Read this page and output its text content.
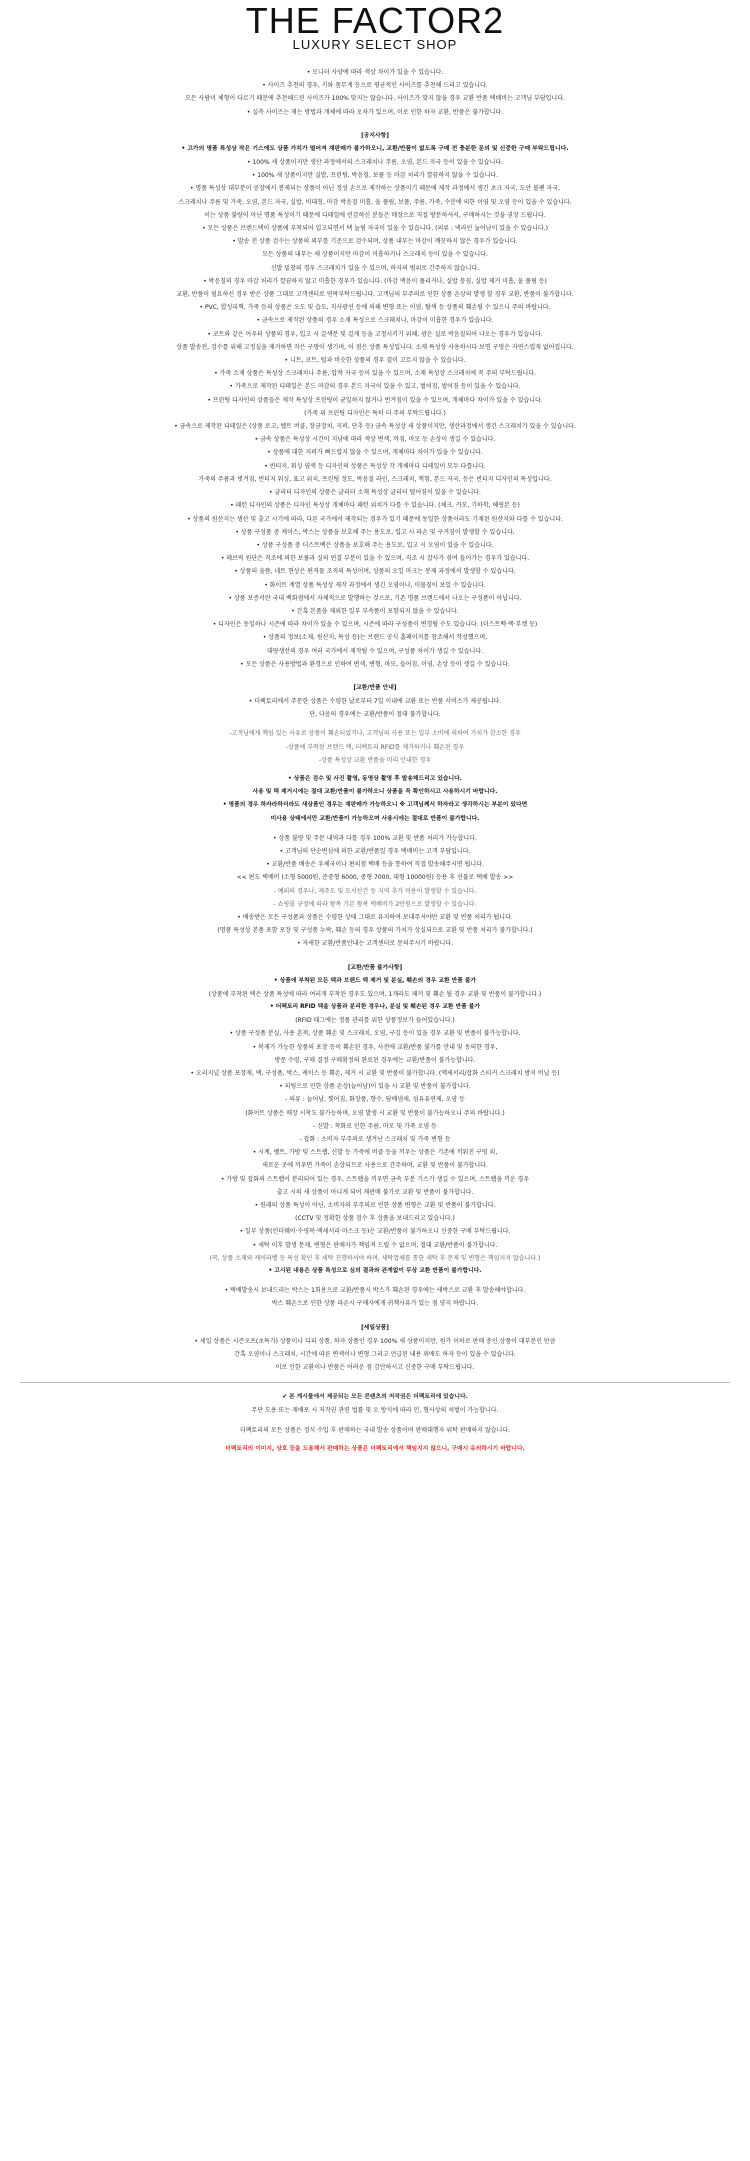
THE FACTOR2
LUXURY SELECT SHOP

• 모니터 사양에 따라 색상 차이가 있을 수 있습니다.

• 사이즈 추천의 경우, 키와 몸무게 등으로 평균적인 사이즈를 추천해 드리고 있습니다.

모든 사람이 체형이 다르기 때문에 추천해드린 사이즈가 100% 맞지는 않습니다. 사이즈가 맞지 않을 경우 교환 반품 택배비는 고객님 부담입니다.

• 실측 사이즈는 재는 방법과 개체에 따라 오차가 있으며, 이로 인한 하자 교환, 반품은 불가합니다.

[공지사항]

• 고가의 명품 특성상 작은 기스에도 상품 가치가 떨어져 재판매가 불가하오니, 교환/반품이 없도록 구매 전 충분한 문의 및 신중한 구매 부탁드립니다.

• 100% 새 상품이지만 생산 과정에서의 스크래치나 주름, 오염, 본드 자국 등이 있을 수 있습니다.

• 100% 새 상품이지만 실밥, 프린팅, 박음질, 보풀 등 마감 처리가 깔끔하지 않을 수 있습니다.

• 명품 특성상 대부분이 공장에서 봉제되는 상품이 아닌 정성 손으로 제작하는 상품이기 때문에 제작 과정에서 생긴 초크 자국, 도안 볼펜 자국,

스크래치나 주름 및 가죽, 오염, 본드 자국, 실밥, 비대칭, 마감 박음질 미흡, 올 풀림, 보풀, 주름, 가죽, 수분에 의한 이염 및 오염 등이 있을 수 있습니다.

이는 상품 불량이 아닌 명품 특성이기 때문에 디테일에 민감하신 분들은 매장으로 직접 방문하셔서, 구매하시는 것을 권장 드립니다.

• 모든 상품은 브랜드택이 상품에 부착되어 입고되면서 택 눌림 자국이 있을 수 있습니다. (의류 : 넥라인 눌어남이 있을 수 있습니다.)

• 발송 전 상품 검수는 상품의 외부를 기준으로 검수되며, 상품 내부는 마감이 깨끗하지 않은 경우가 있습니다.

모든 상품의 내부는 새 상품이지만 마감이 미흡하거나 스크래치 등이 있을 수 있습니다.

신발 밑창의 경우 스크래치가 있을 수 있으며, 하자의 범위로 간주하지 않습니다.

• 박음질의 경우 마감 처리가 깔끔하지 않고 미흡한 경우가 있습니다. (마감 맥음이 풀리거나, 실밥 뭉침, 실밥 제거 미흡, 올 풀림 등)

교환, 반품이 필요하신 경우 받은 상품 그대로 고객센터로 연락부탁드립니다. 고객님의 부주의로 인한 상품 손상의 발생 할 경우 교환, 반품이 불가합니다.

• PVC, 합성피혁, 가죽 등의 상품은 오도 및 습도, 직사광선 등에 의해 변형 또는 이염, 탈색 등 상품의 훼손될 수 있으니 주의 바랍니다.

• 금속으로 제작된 상품의 경우 소재 특성으로 스크래치나, 마감이 미흡한 경우가 있습니다.

• 코트와 같은 아우터 상품의 경우, 입고 시 갈색분 및 걸게 등을 고정시키기 위해, 광은 실로 박음질되어 나오는 경우가 있습니다.

상품 발송전, 검수를 위해 고정실을 제거하면 작은 구멍이 생기며, 이 점은 상품 특성입니다. 소재 특성상 사용하시다 보면 구멍은 자연스럽게 없어집니다.

• 니트, 코트, 털과 비슷한 상품의 경우 결이 고르지 않을 수 있습니다.

• 가죽 소재 상품은 특성상 스크래치나 주름, 압착 자국 등이 있을 수 있으며, 소재 특성상 스크래치에 꼭 주의 부탁드립니다.

• 가죽으로 제작된 디테일은 본드 마감의 경우 본드 자국이 있을 수 있고, 벌어짐, 벌어짐 등이 있을 수 있습니다.

• 프린팅 디자인의 상품들은 제작 특성상 프린팅이 균일하지 않거나 번겨짐이 있을 수 있으며, 개체마다 차이가 있을 수 있습니다.

(가죽 위 프린팅 디자인은 특히 더 주의 부탁드립니다.)

• 금속으로 제작된 디테일은 (상품 로고, 벨트 버클, 장금장치, 지퍼, 단추 등) 금속 특성상 새 상품이지만, 생산과정에서 생긴 스크래치가 있을 수 있습니다.

• 금속 상품은 특성상 시간이 지남에 따라 색상 변색, 까짐, 마모 등 손상이 생길 수 있습니다.

• 상품에 대한 지퍼가 뻐드럽지 않을 수 있으며, 개체마다 차이가 있을 수 있습니다.

• 빈티지, 워싱 염색 등 디자인의 상품은 특성상 각 개체마다 디테일이 모두 다릅니다.

가죽의 주름과 벗겨짐, 빈티지 워싱, 표고 위치, 프린팅 정도, 박음질 라인, 스크래치, 찍힘, 본드 자국, 등은 빈티지 디자인의 특성입니다.

• 글리터 디자인의 상품은 글리터 소재 특성상 글리터 떨어짐이 있을 수 있습니다.

• 패턴 디자인의 상품은 디자인 특성상 개체마다 패턴 위치가 다를 수 있습니다. (체크, 카모, 기하학, 헤링본 등)

• 상품의 원산지는 생산 및 출고 시기에 따라, 다른 국가에서 제작되는 경우가 있기 때문에 동일한 상품이라도 기재된 원산지와 다를 수 있습니다.

• 상품 구성품 중 케이스, 박스는 상품을 보호해 주는 용도로, 입고 시 파손 및 구겨짐이 발생할 수 있습니다.

• 상품 구성품 중 더스트백은 상품을 보호해 주는 용도로, 입고 시 오염이 있을 수 있습니다.

• 페브릭 원단은 직조에 의한 보풀과 실의 연결 부분이 있을 수 있으며, 직조 시 잡사가 섞여 들어가는 경우가 있습니다.

• 상품의 올뜸, 네트 현상은 편직물 조직의 특성이며, 상품의 오일 마크는 봉제 과정에서 발생할 수 있습니다.

• 화이트 계열 상품 특성상 제작 과정에서 생긴 오염이나, 이물질이 보일 수 있습니다.

• 상품 보증서란 국내 백화점에서 자체적으로 발행하는 것으로, 기존 명품 브랜드에서 나오는 구성품이 아닙니다.

• 간혹 본품을 제외한 일부 부속품이 포함되지 않을 수 있습니다.

• 디자인은 동일하나 시즌에 따라 차이가 있을 수 있으며, 시즌에 따라 구성품이 변경될 수도 있습니다. (더스트백·택·부켓 등)

• 상품의 정보(소재, 원산지, 특성 등)는 브랜드 공식 홈페이지를 참조해서 작성했으며,

대량생산의 경우 여러 국가에서 제작될 수 있으며, 구성품 차이가 생길 수 있습니다.

• 모든 상품은 사용방법과 환경으로 인하여 변색, 변형, 마모, 들어짐, 이염, 손상 등이 생길 수 있습니다.

[교환/반품 안내]

• 더팩토리에서 주문한 상품은 수령한 날로부터 7일 이내에 교환 또는 반품 서비스가 제공됩니다.

단, 다음의 경우에는 교환/반품이 절대 불가합니다.

-고객님에게 책임 있는 사유로 상품이 훼손되었거나, 고객님의 사용 또는 일부 소비에 의하여 가치가 감소한 경우

-상품에 부착된 브랜드 택, 더팩토리 RFID를 제거하거나 훼손된 경우

-상품 특성상 교환 반품을 미리 안내한 경우

• 상품은 검수 및 사진 촬영, 동영상 촬영 후 발송해드리고 있습니다.

사용 및 택 제거시에는 절대 교환/반품이 불가하오니 상품을 꼭 확인하시고 사용하시기 바랍니다.

• 명품의 경우 하자라하더라도 새상품인 경우는 재판매가 가능하오니 ※ 고객님께서 하자라고 생각하시는 부분이 있다면

미사용 상태에서만 교환/반품이 가능하오며 사용시에는 절대로 반품이 불가합니다.

• 상품 불량 및 주문 내역과 다를 경우 100% 교환 및 반품 처리가 가능합니다.

• 고객님의 단순변심에 의한 교환/반품일 경우 택배비는 고객 부담입니다.

• 교환/반품 배송은 우체국이나 편의점 택배 등을 통하여 직접 발송해주시면 됩니다.

<< 편도 택배비 (소형 5000원, 준중형 6000, 중형 7000, 대형 10000원) 등용 후 선불로 택배 발송 >>

- 예외의 경우나, 제주도 및 도서산간 등 지역 추가 비용이 발생할 수 있습니다.

- 쇼핑몰 규정에 따라 왕복 기본 왕복 택배비가 2만원으로 발생할 수 있습니다.

• 배송받은 모든 구성품과 상품은 수령한 상태 그대로 유지하여 보내주셔야만 교환 및 반품 처리가 됩니다.

(명품 특성상 본품 포함 포장 및 구성품 누락, 훼손 등의 경우 상품의 가치가 상실되므로 교환 및 반품 처리가 불가합니다.)

• 자세한 교환/반품안내는 고객센터로 문의주시기 바랍니다.

[교환/반품 불가사항]

• 상품에 부착된 모든 택과 브랜드 택 제거 및 분실, 훼손의 경우 교환 반품 불가

(상품에 부착된 택은 상품 특성에 따라 여러개 부착된 경우도 있으며, 1개라도 제거 및 훼손 될 경우 교환 및 반품이 불가합니다.)

• 더팩토리 RFID 택을 상품과 분리한 경우나, 분실 및 훼손된 경우 교환 반품 불가

(RFID 태그에는 정품 관리를 위한 상품정보가 들어있습니다.)

• 상품 구성품 분실, 사용 흔적, 상품 훼손 및 스크래치, 오염, 구김 등이 있을 경우 교환 및 반품이 불가능합니다.

• 복제가 가능한 상품의 포장 등이 훼손된 경우, 사전에 교환/반품 불가를 안내 및 동의한 경우,

방문 수령, 구매 결정 구매확정의 완료된 경우에는 교환/반품이 불가능합니다.

• 오리지널 상품 포장재, 택, 구성품, 박스, 케이스 등 훼손, 제거 시 교환 및 반품이 불가합니다. (액세서리/잡화 스티커 스크래치 방지 비닐 등)

• 피팅으로 인한 상품 손상(늘어남)이 있을 시 교환 및 반품이 불가합니다.

- 의류 : 늘어남, 찢어짐, 화장품, 향수, 담배냄새, 섬유유연제, 오염 등

(화이트 상품은 매장 시착도 불가능하며, 오염 발생 시 교환 및 반품이 불가능하오니 주의 바랍니다.)

- 신발 : 착화로 인한 주름, 마모 및 가죽 오염 등

- 잡화 : 소비자 부주의로 생겨난 스크래치 및 가죽 변형 등

• 시계, 벨트, 가방 및 스트랩, 신발 등 가죽에 버클 등을 끼우는 상품은 기존에 끼워진 구멍 외,

새로운 곳에 끼우면 가죽이 손상되므로 사용으로 간주하며, 교환 및 반품이 불가합니다.

• 가방 및 잡화의 스트랩이 분리되어 있는 경우, 스트랩을 끼우면 금속 부분 기스가 생길 수 있으며, 스트랩을 끼운 경우

출고 시의 새 상품이 아니게 되어 재판매 불가로 교환 및 반품이 불가합니다.

• 원래의 상품 특성이 아닌, 소비자의 부주의로 인한 상품 변형은 교환 및 반품이 불가합니다.

(CCTV 및 정확한 상품 검수 후 상품을 보내드리고 있습니다.)

• 일부 상품(언더웨어·수영복·액세서리·마스크 등)은 교환/반품이 불가하오니 신중한 구매 부탁드립니다.

• 세탁 이후 발생 문제, 변형은 판매자가 책임져 드릴 수 없으며, 절대 교환/반품이 불가합니다.

(꼭, 상품 소재와 케어라벨 등 특성 확인 후 세탁 진행하셔야 하며, 세탁업체를 통한 세탁 후 문제 및 변형은 책임지지 않습니다.)

• 고시된 내용은 상품 특성으로 심의 결과와 관계없이 무상 교환 반품이 불가합니다.

• 택배발송시 보내드리는 박스는 1회용으로 교환/반품시 박스가 훼손된 경우에는 새박스로 교환 후 발송해야합니다.

박스 훼손으로 인한 상품 파손시 구매자에게 귀책사유가 있는 점 양지 바랍니다.

[세일상품]

• 세일 상품은 시즌오프(초특가) 상품이나 디피 상품, 하자 상품인 경우 100% 새 상품이지만, 원가 이하로 판매 중인 상품이 대부분인 만큼

간혹 오염이나 스크래치, 시간에 따른 변색이나 변형 그리고 언급된 내용 외에도 하자 등이 있을 수 있습니다.

이로 인한 교환이나 반품은 어려운 점 감안하시고 신중한 구매 부탁드립니다.

✔ 본 게시물에서 제공되는 모든 콘텐츠의 저작권은 더팩토리에 있습니다.

무단 도용 또는 재배포 시 저작권 관련 법률 및 오 방식에 따라 민, 형사상의 처벌이 가능합니다.

더팩토리의 모든 상품은 정식 수입 후 판매하는 국내 발송 상품이며 판매대행자 위탁 판매하지 않습니다.

더팩토리의 이미지, 상호 등을 도용해서 판매하는 상품은 더팩토리에서 책임지지 않으니, 구매시 유의하시기 바랍니다.
